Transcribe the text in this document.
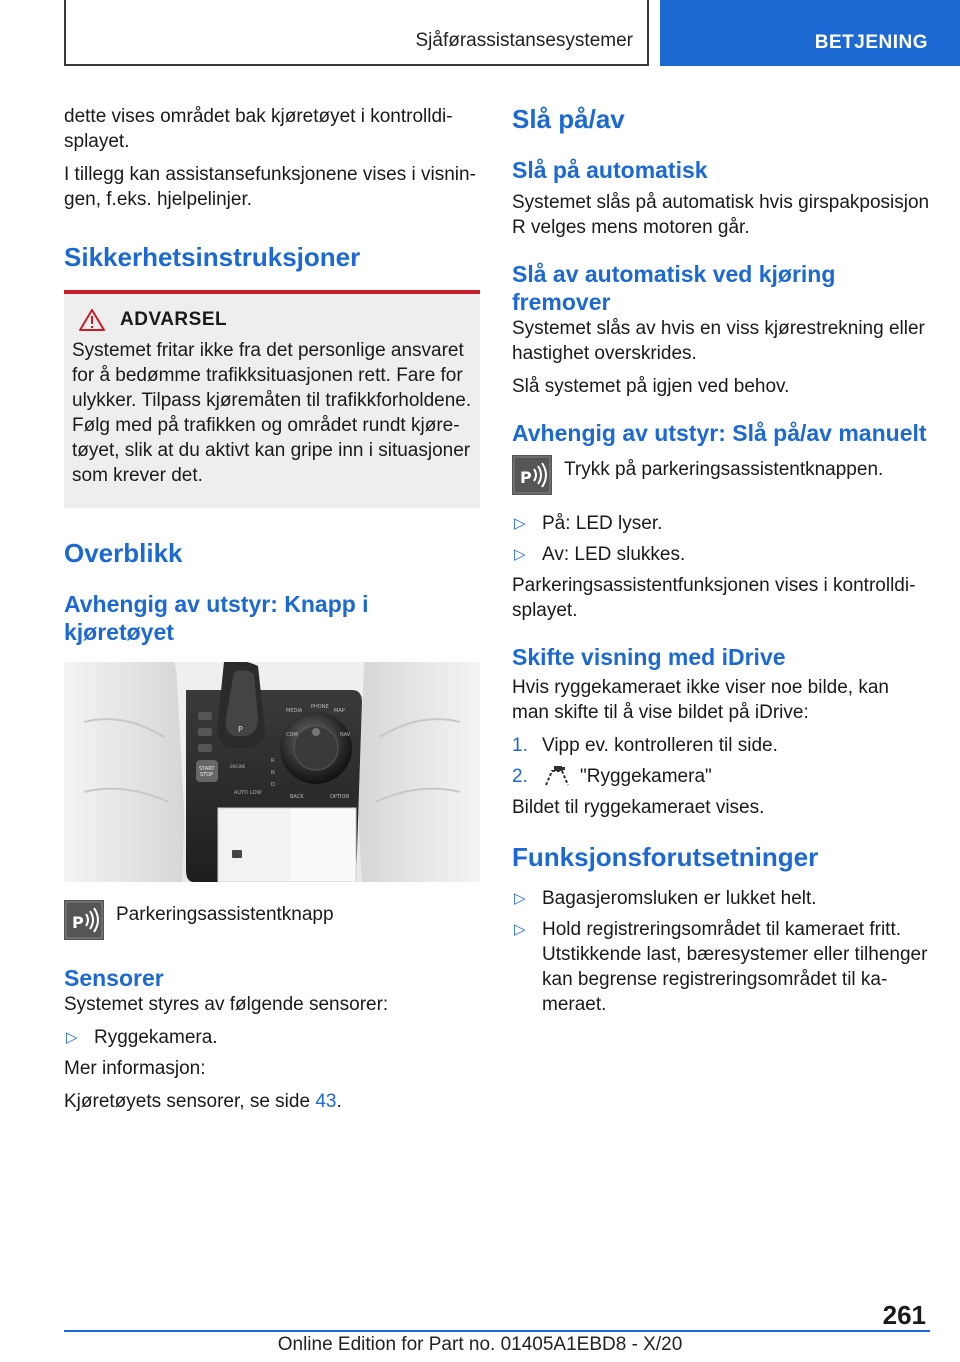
Sjåførassistansesystemer	BETJENING

dette vises området bak kjøretøyet i kontrolldisplayet.

I tillegg kan assistansefunksjonene vises i visningen, f.eks. hjelpelinjer.

Sikkerhetsinstruksjoner
ADVARSEL

Systemet fritar ikke fra det personlige ansvaret for å bedømme trafikksituasjonen rett. Fare for ulykker. Tilpass kjøremåten til trafikkforholdene. Følg med på trafikken og området rundt kjøretøyet, slik at du aktivt kan gripe inn i situasjoner som krever det.

Overblikk
Avhengig av utstyr: Knapp i kjøretøyet
P
START
STOP
R
N
D
ENGINE
AUTO LDW
MEDIA
PHONE
MAP
COM	NAV
BACK	OPTION
P Parkeringsassistentknapp

Sensorer

Systemet styres av følgende sensorer:

▷ Ryggekamera.

Mer informasjon:

Kjøretøyets sensorer, se side 43.

Slå på/av
Slå på automatisk

Systemet slås på automatisk hvis girspakposisjon R velges mens motoren går.

Slå av automatisk ved kjøring fremover

Systemet slås av hvis en viss kjørestrekning eller hastighet overskrides.

Slå systemet på igjen ved behov.

Avhengig av utstyr: Slå på/av manuelt
P Trykk på parkeringsassistentknappen.

▷ På: LED lyser.
▷ Av: LED slukkes.

Parkeringsassistentfunksjonen vises i kontrolldisplayet.

Skifte visning med iDrive

Hvis ryggekameraet ikke viser noe bilde, kan man skifte til å vise bildet på iDrive:

1. Vipp ev. kontrolleren til side.
2.	"Ryggekamera"

Bildet til ryggekameraet vises.

Funksjonsforutsetninger
▷ Bagasjeromsluken er lukket helt.
▷ Hold registreringsområdet til kameraet fritt. Utstikkende last, bæresystemer eller tilhenger kan begrense registreringsområdet til kameraet.
261
Online Edition for Part no. 01405A1EBD8 - X/20
